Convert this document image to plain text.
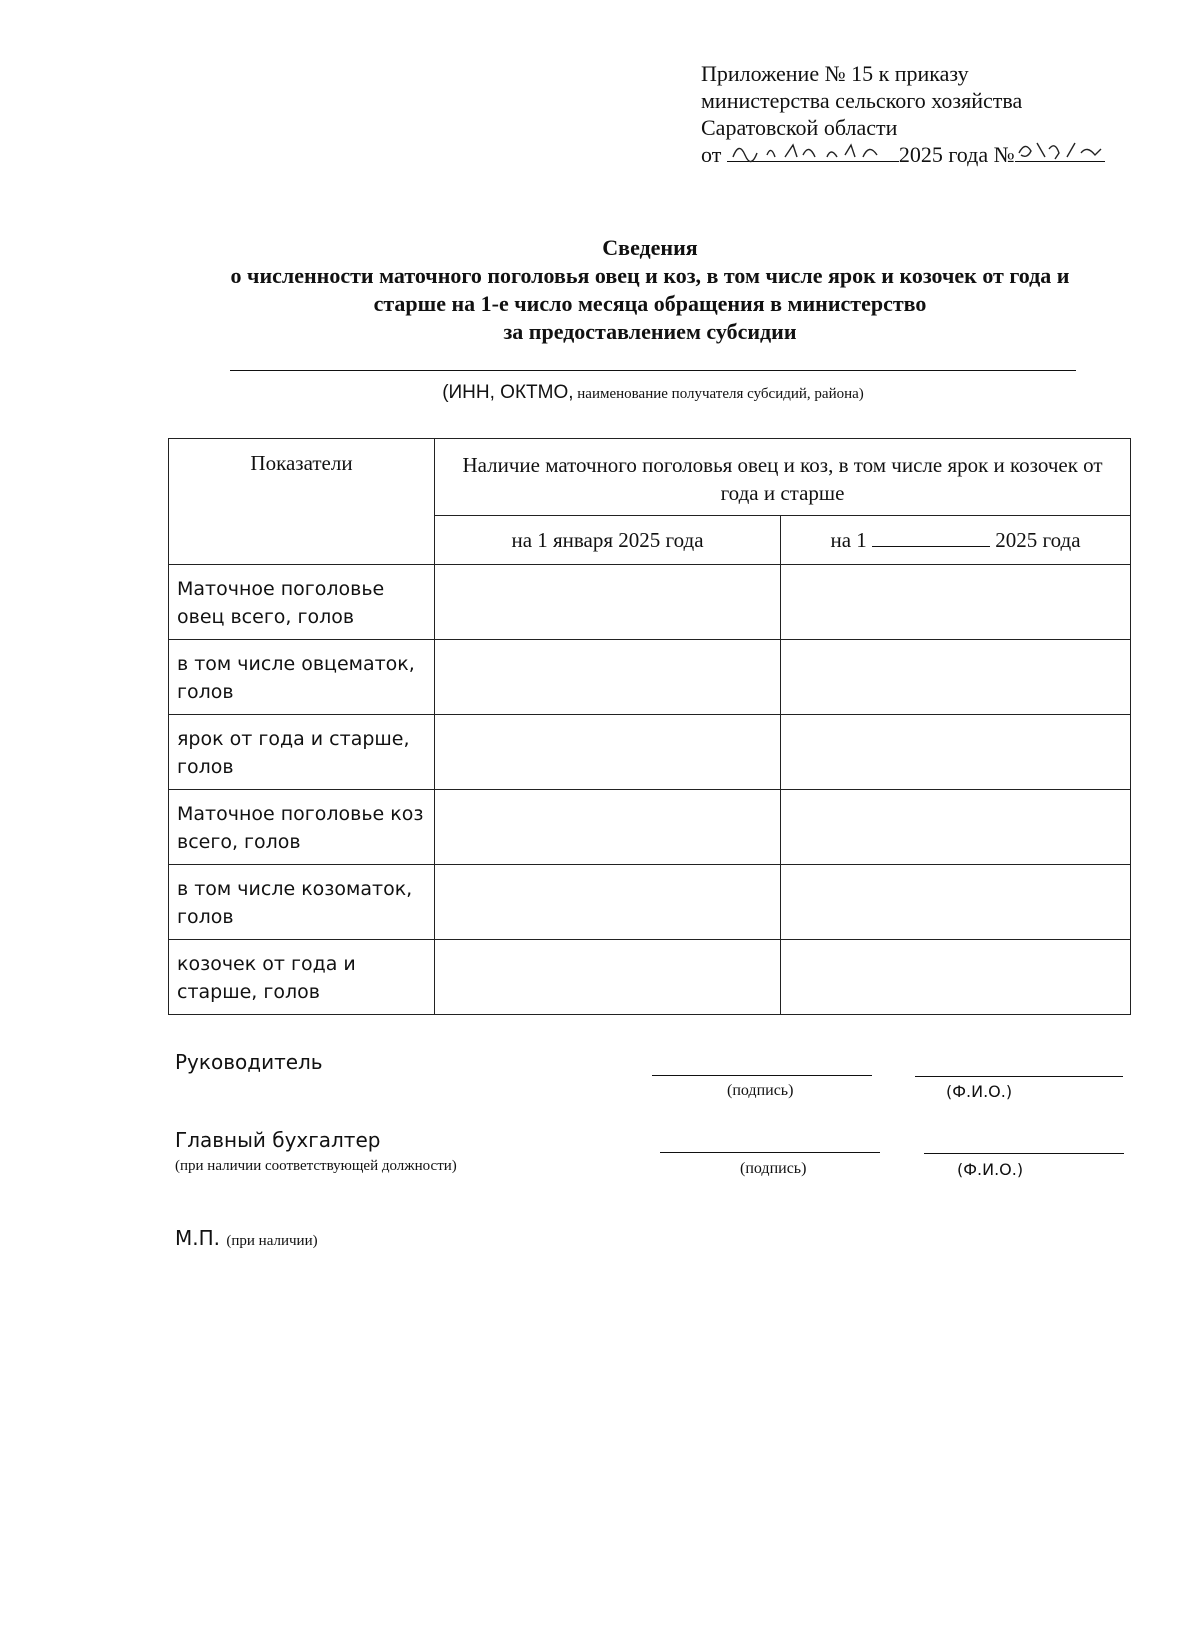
Приложение № 15 к приказу
министерства сельского хозяйства
Саратовской области
от	2025 года №
Сведения
о численности маточного поголовья овец и коз, в том числе ярок и козочек от года и
старше на 1-е число месяца обращения в министерство
за предоставлением субсидии
(ИНН, ОКТМО, наименование получателя субсидий, района)
Показатели	Наличие маточного поголовья овец и коз, в том числе ярок и козочек от года и старше	
	на 1 января 2025 года	на 1 2025 года
Маточное поголовье овец всего, голов		
в том числе овцематок, голов		
ярок от года и старше, голов		
Маточное поголовье коз всего, голов		
в том числе козоматок, голов		
козочек от года и старше, голов		
Руководитель
(подпись)	(Ф.И.О.)
Главный бухгалтер
(при наличии соответствующей должности)	(подпись)	(Ф.И.О.)
М.П. (при наличии)
